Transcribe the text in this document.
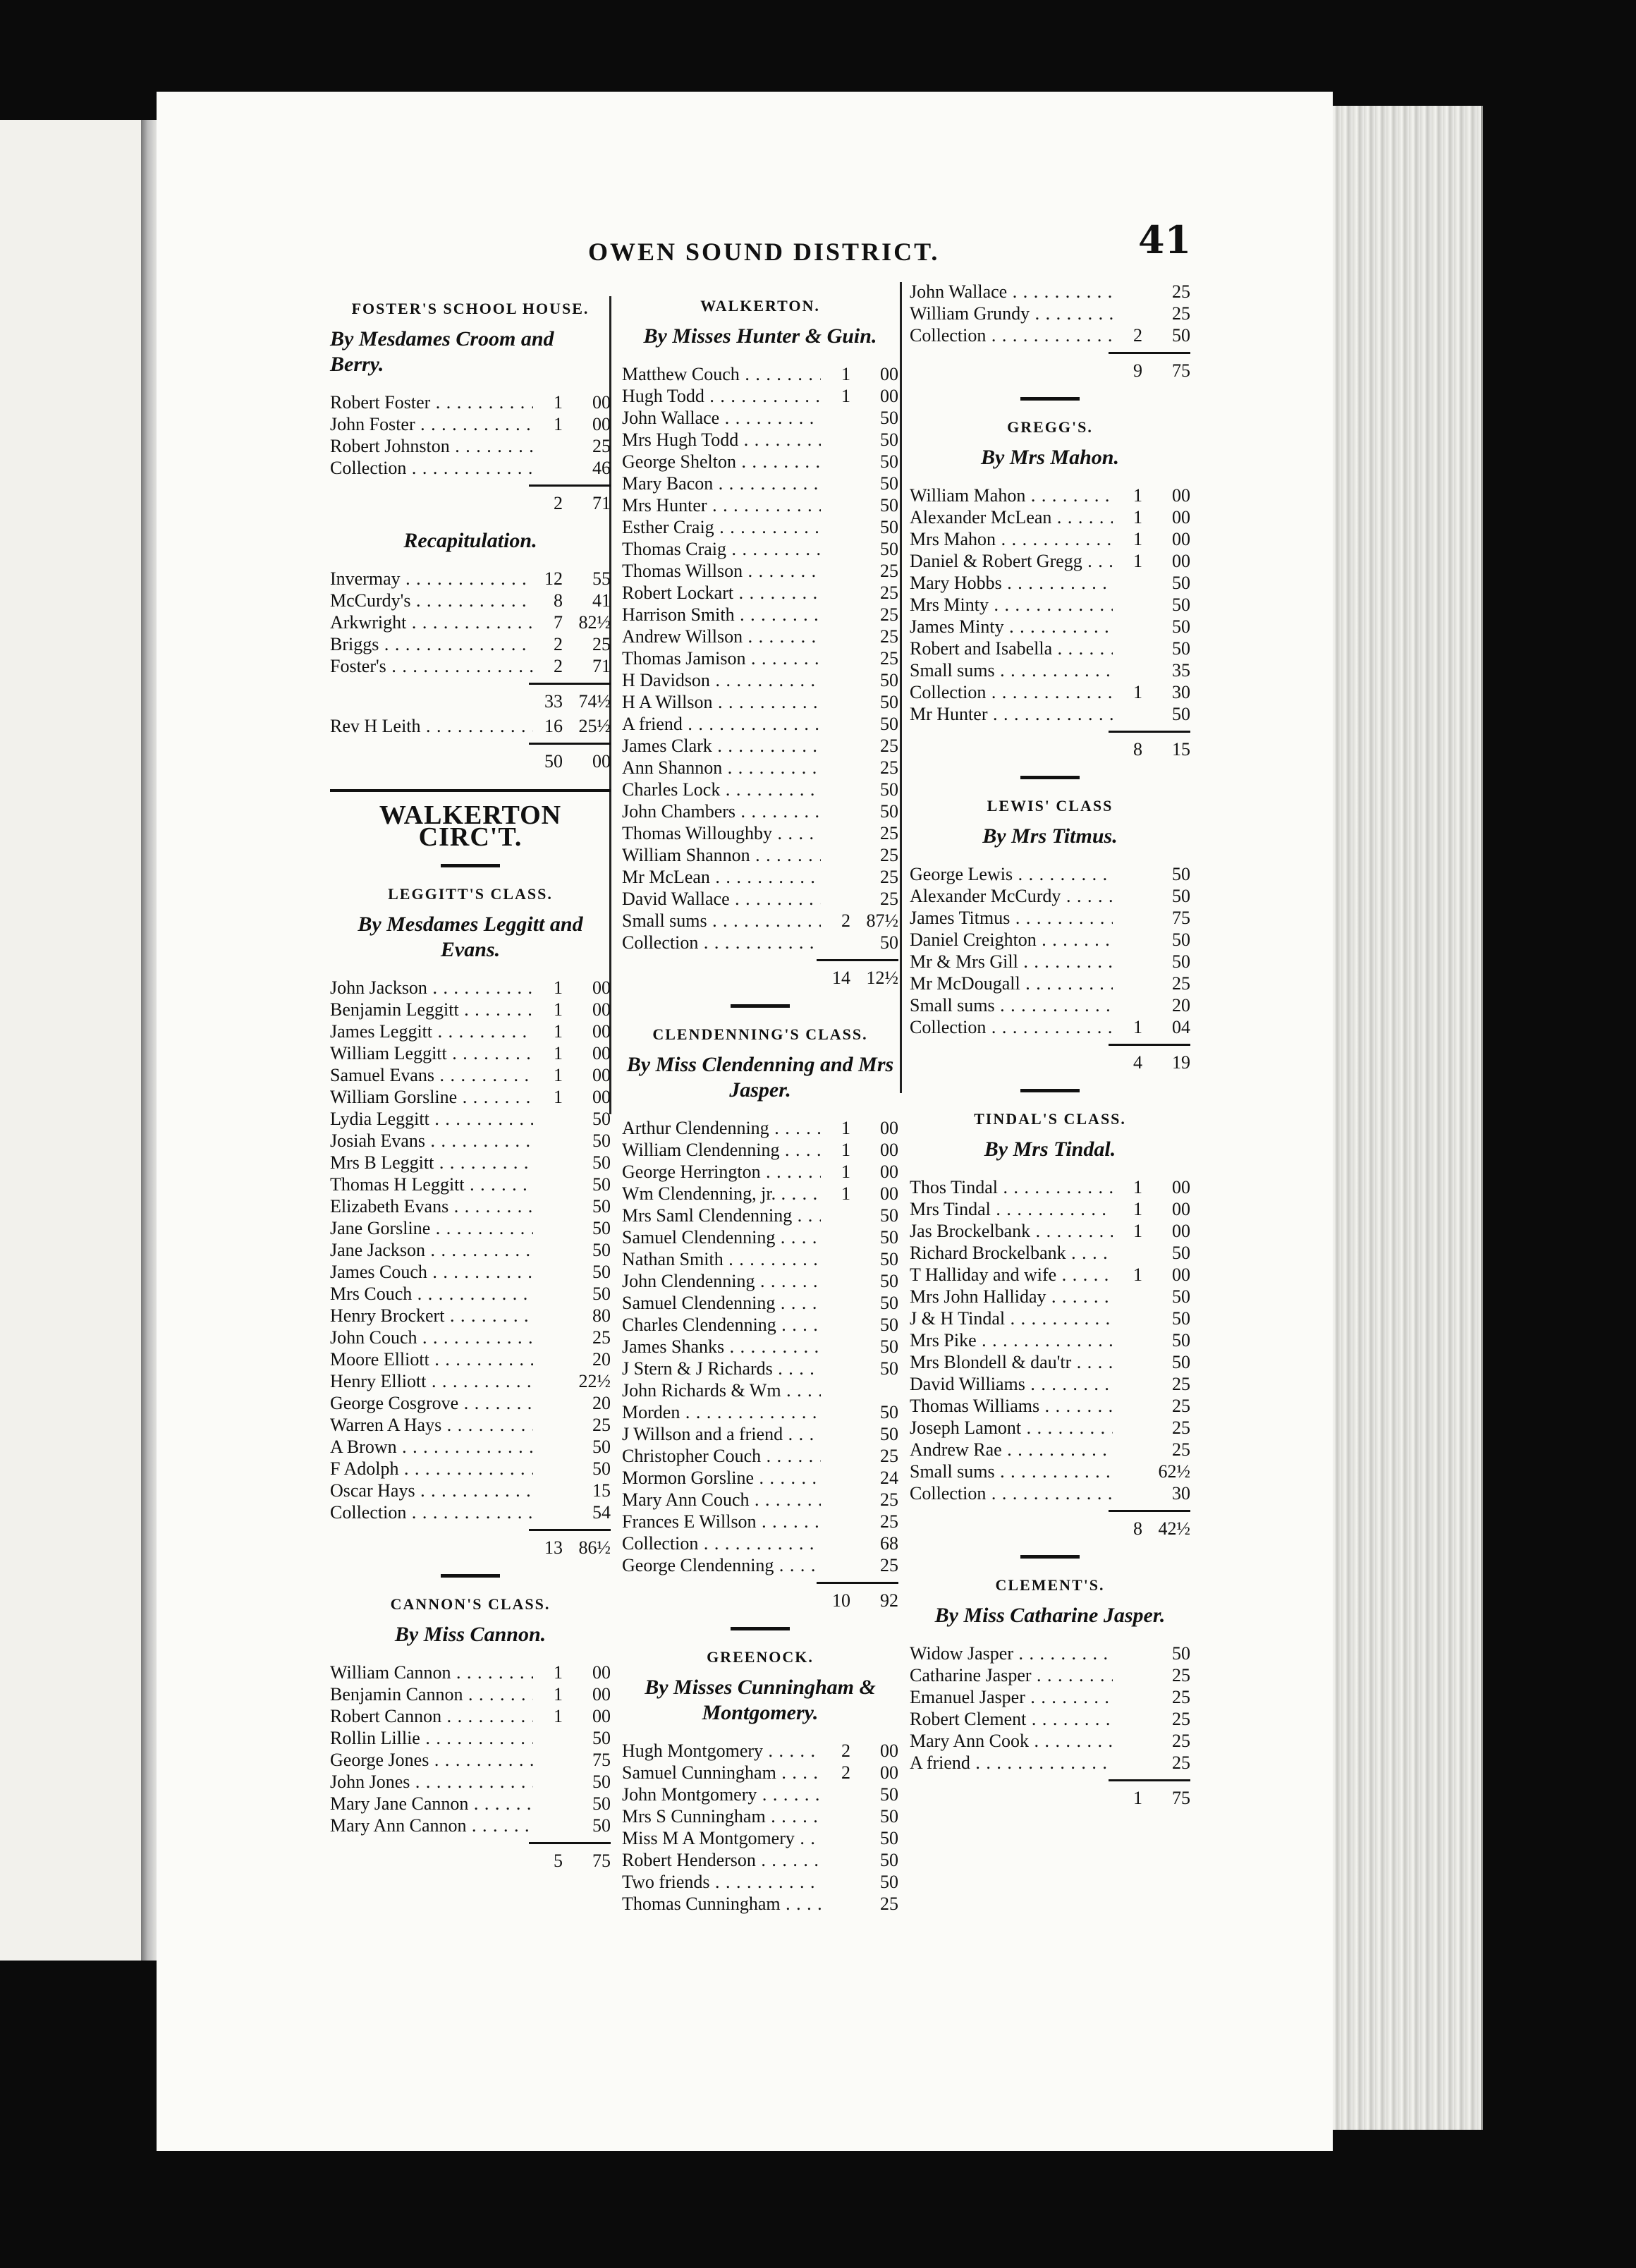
OWEN SOUND DISTRICT.	41
FOSTER'S SCHOOL HOUSE.
By Mesdames Croom and Berry.
Robert Foster . . .	1	00
John Foster . . .	1	00
Robert Johnston . . .	25
Collection . . .	46
2	71
Recapitulation.
Invermay . . .	12	55
McCurdy's . . .	8	41
Arkwright . . .	7 82½
Briggs . . .	2	25
Foster's . . .	2	71
33 74½
Rev H Leith . . .	16 25½
50	00
WALKERTON CIRC'T.
LEGGITT'S CLASS.
By Mesdames Leggitt and Evans.
John Jackson . . .	1	00
Benjamin Leggitt . . .	1	00
James Leggitt . . .	1	00
William Leggitt . . .	1	00
Samuel Evans . . .	1	00
William Gorsline . . .	1	00
Lydia Leggitt . . .	50
Josiah Evans . . .	50
Mrs B Leggitt . . .	50
Thomas H Leggitt . . .	50
Elizabeth Evans . . .	50
Jane Gorsline . . .	50
Jane Jackson . . .	50
James Couch . . .	50
Mrs Couch . . .	50
Henry Brockert . . .	80
John Couch . . .	25
Moore Elliott . . .	20
Henry Elliott . . .	22½
George Cosgrove . . .	20
Warren A Hays . . .	25
A Brown . . .	50
F Adolph . . .	50
Oscar Hays . . .	15
Collection . . .	54
13 86½
CANNON'S CLASS.
By Miss Cannon.
William Cannon . . .	1	00
Benjamin Cannon . . .	1	00
Robert Cannon . . .	1	00
Rollin Lillie . . .	50
George Jones . . .	75
John Jones . . .	50
Mary Jane Cannon . . .	50
Mary Ann Cannon . . .	50
5	75
WALKERTON.
By Misses Hunter & Guin.
Matthew Couch . . .	1	00
Hugh Todd . . .	1	00
John Wallace . . .	50
Mrs Hugh Todd . . .	50
George Shelton . . .	50
Mary Bacon . . .	50
Mrs Hunter . . .	50
Esther Craig . . .	50
Thomas Craig . . .	50
Thomas Willson . . .	25
Robert Lockart . . .	25
Harrison Smith . . .	25
Andrew Willson . . .	25
Thomas Jamison . . .	25
H Davidson . . .	50
H A Willson . . .	50
A friend . . .	50
James Clark . . .	25
Ann Shannon . . .	25
Charles Lock . . .	50
John Chambers . . .	50
Thomas Willoughby . . .	25
William Shannon . . .	25
Mr McLean . . .	25
David Wallace . . .	25
Small sums . . .	2 87½
Collection . . .	50
14 12½
CLENDENNING'S CLASS.
By Miss Clendenning and Mrs Jasper.
Arthur Clendenning . . .	1	00
William Clendenning . . .	1	00
George Herrington . . .	1	00
Wm Clendenning, jr. . . .	1	00
Mrs Saml Clendenning . . .	50
Samuel Clendenning . . .	50
Nathan Smith . . .	50
John Clendenning . . .	50
Samuel Clendenning . . .	50
Charles Clendenning . . .	50
James Shanks . . .	50
J Stern & J Richards . . .	50
John Richards & Wm . . .
Morden . . .	50
J Willson and a friend . . .	50
Christopher Couch . . .	25
Mormon Gorsline . . .	24
Mary Ann Couch . . .	25
Frances E Willson . . .	25
Collection . . .	68
George Clendenning . . .	25
10	92
GREENOCK.
By Misses Cunningham & Montgomery.
Hugh Montgomery . . .	2	00
Samuel Cunningham . . .	2	00
John Montgomery . . .	50
Mrs S Cunningham . . .	50
Miss M A Montgomery . . .	50
Robert Henderson . . .	50
Two friends . . .	50
Thomas Cunningham . . .	25
John Wallace . . .	25
William Grundy . . .	25
Collection . . .	2	50
9	75
GREGG'S.
By Mrs Mahon.
William Mahon . . .	1	00
Alexander McLean . . .	1	00
Mrs Mahon . . .	1	00
Daniel & Robert Gregg . . .	1	00
Mary Hobbs . . .	50
Mrs Minty . . .	50
James Minty . . .	50
Robert and Isabella . . .	50
Small sums . . .	35
Collection . . .	1	30
Mr Hunter . . .	50
8	15
LEWIS' CLASS
By Mrs Titmus.
George Lewis . . .	50
Alexander McCurdy . . .	50
James Titmus . . .	75
Daniel Creighton . . .	50
Mr & Mrs Gill . . .	50
Mr McDougall . . .	25
Small sums . . .	20
Collection . . .	1	04
4	19
TINDAL'S CLASS.
By Mrs Tindal.
Thos Tindal . . .	1	00
Mrs Tindal . . .	1	00
Jas Brockelbank . . .	1	00
Richard Brockelbank . . .	50
T Halliday and wife . . .	1	00
Mrs John Halliday . . .	50
J & H Tindal . . .	50
Mrs Pike . . .	50
Mrs Blondell & dau'tr . . .	50
David Williams . . .	25
Thomas Williams . . .	25
Joseph Lamont . . .	25
Andrew Rae . . .	25
Small sums . . .	62½
Collection . . .	30
8 42½
CLEMENT'S.
By Miss Catharine Jasper.
Widow Jasper . . .	50
Catharine Jasper . . .	25
Emanuel Jasper . . .	25
Robert Clement . . .	25
Mary Ann Cook . . .	25
A friend . . .	25
1	75
